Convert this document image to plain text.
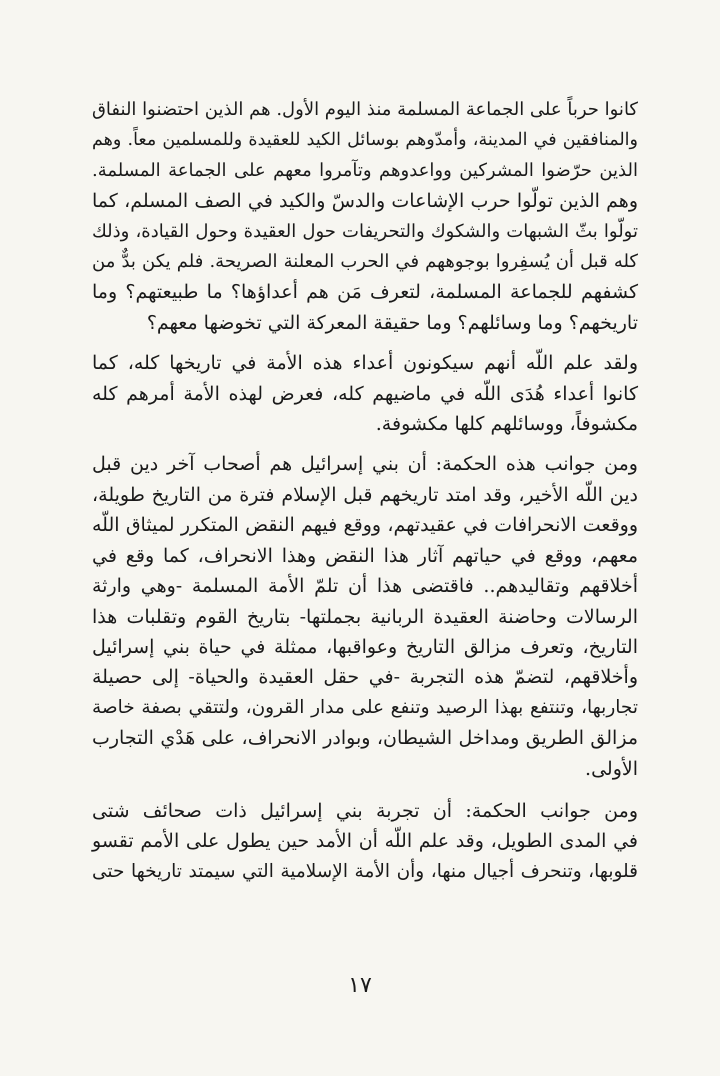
كانوا حرباً على الجماعة المسلمة منذ اليوم الأول. هم الذين احتضنوا النفاق
والمنافقين في المدينة، وأمدّوهم بوسائل الكيد للعقيدة وللمسلمين معاً. وهم
الذين حرّضوا المشركين وواعدوهم وتآمروا معهم على الجماعة المسلمة.
وهم الذين تولّوا حرب الإشاعات والدسّ والكيد في الصف المسلم، كما
تولّوا بثّ الشبهات والشكوك والتحريفات حول العقيدة وحول القيادة، وذلك
كله قبل أن يُسفِروا بوجوههم في الحرب المعلنة الصريحة. فلم يكن بدٌّ من
كشفهم للجماعة المسلمة، لتعرف مَن هم أعداؤها؟ ما طبيعتهم؟ وما
تاريخهم؟ وما وسائلهم؟ وما حقيقة المعركة التي تخوضها معهم؟
ولقد علم اللّه أنهم سيكونون أعداء هذه الأمة في تاريخها كله، كما
كانوا أعداء هُدَى اللّه في ماضيهم كله، فعرض لهذه الأمة أمرهم كله
مكشوفاً، ووسائلهم كلها مكشوفة.
ومن جوانب هذه الحكمة: أن بني إسرائيل هم أصحاب آخر دين قبل
دين اللّه الأخير، وقد امتد تاريخهم قبل الإسلام فترة من التاريخ طويلة،
ووقعت الانحرافات في عقيدتهم، ووقع فيهم النقض المتكرر لميثاق اللّه
معهم، ووقع في حياتهم آثار هذا النقض وهذا الانحراف، كما وقع في
أخلاقهم وتقاليدهم.. فاقتضى هذا أن تلمّ الأمة المسلمة -وهي وارثة
الرسالات وحاضنة العقيدة الربانية بجملتها- بتاريخ القوم وتقلبات هذا
التاريخ، وتعرف مزالق التاريخ وعواقبها، ممثلة في حياة بني إسرائيل
وأخلاقهم، لتضمّ هذه التجربة -في حقل العقيدة والحياة- إلى حصيلة
تجاربها، وتنتفع بهذا الرصيد وتنفع على مدار القرون، ولتتقي بصفة خاصة
مزالق الطريق ومداخل الشيطان، وبوادر الانحراف، على هَدْي التجارب
الأولى.
ومن جوانب الحكمة: أن تجربة بني إسرائيل ذات صحائف شتى
في المدى الطويل، وقد علم اللّه أن الأمد حين يطول على الأمم تقسو
قلوبها، وتنحرف أجيال منها، وأن الأمة الإسلامية التي سيمتد تاريخها حتى
١٧
